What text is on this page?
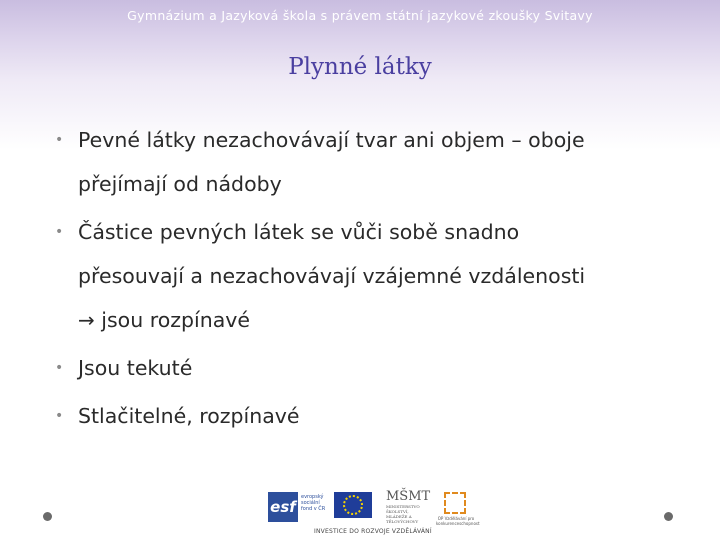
Gymnázium a Jazyková škola s právem státní jazykové zkoušky Svitavy
Plynné látky
• Pevné látky nezachovávají tvar ani objem – oboje
přejímají od nádoby
• Částice pevných látek se vůči sobě snadno
přesouvají a nezachovávají vzájemné vzdálenosti
→ jsou rozpínavé
• Jsou tekuté
• Stlačitelné, rozpínavé
esf
evropský sociální fond v ČR
MŠMT
MINISTERSTVO ŠKOLSTVÍ, MLÁDEŽE A TĚLOVÝCHOVY
OP Vzdělávání pro konkurenceschopnost
INVESTICE DO ROZVOJE VZDĚLÁVÁNÍ
